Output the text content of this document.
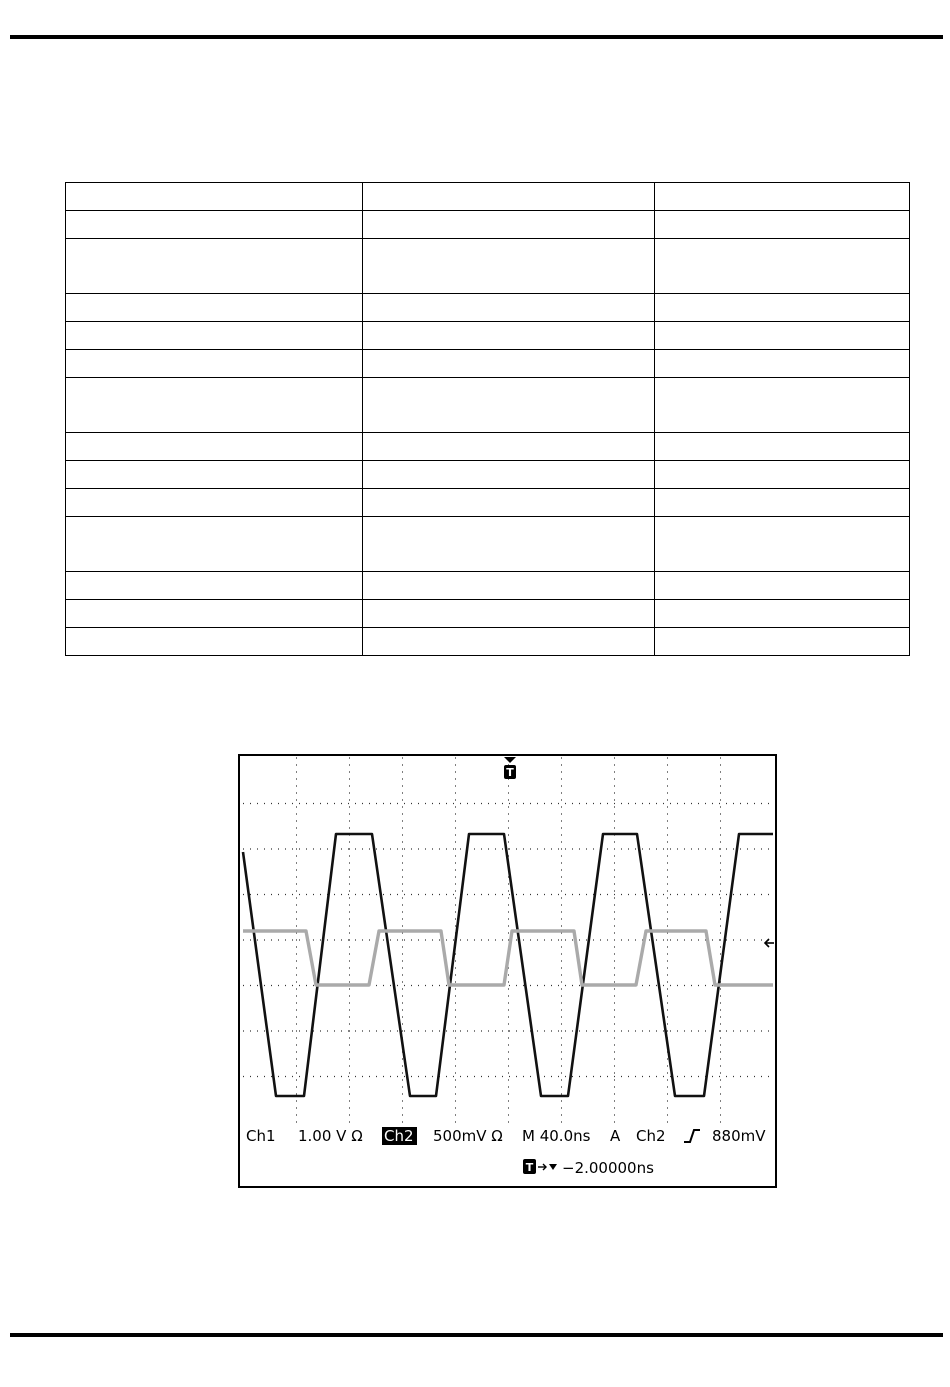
T
Ch1 1.00 V Ω Ch2 500mV Ω M 40.0ns A Ch2	880mV
T −2.00000ns
